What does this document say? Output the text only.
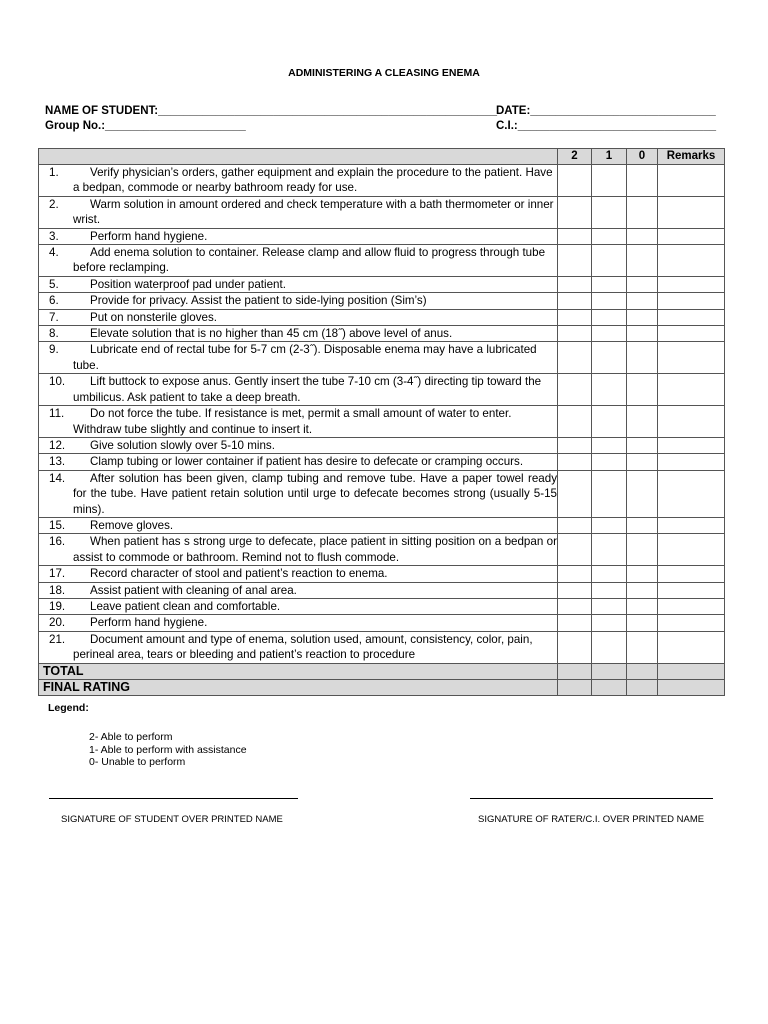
ADMINISTERING A CLEASING ENEMA
NAME OF STUDENT:_____________________________________________________
DATE:_____________________________
Group No.:______________________	C.I.:_______________________________
	2	1	0	Remarks

1. Verify physician’s orders, gather equipment and explain the procedure to the patient. Have a bedpan, commode or nearby bathroom ready for use.				

2. Warm solution in amount ordered and check temperature with a bath thermometer or inner wrist.				

3. Perform hand hygiene.				

4. Add enema solution to container. Release clamp and allow fluid to progress through tube before reclamping.				

5. Position waterproof pad under patient.				

6. Provide for privacy. Assist the patient to side-lying position (Sim’s)				

7. Put on nonsterile gloves.				

8. Elevate solution that is no higher than 45 cm (18˝) above level of anus.				

9. Lubricate end of rectal tube for 5-7 cm (2-3˝). Disposable enema may have a lubricated tube.				

10. Lift buttock to expose anus. Gently insert the tube 7-10 cm (3-4˝) directing tip toward the umbilicus. Ask patient to take a deep breath.				

11. Do not force the tube. If resistance is met, permit a small amount of water to enter. Withdraw tube slightly and continue to insert it.				

12. Give solution slowly over 5-10 mins.				

13. Clamp tubing or lower container if patient has desire to defecate or cramping occurs.				

14. After solution has been given, clamp tubing and remove tube. Have a paper towel ready for the tube. Have patient retain solution until urge to defecate becomes strong (usually 5-15 mins).				

15. Remove gloves.				

16. When patient has s strong urge to defecate, place patient in sitting position on a bedpan or assist to commode or bathroom. Remind not to flush commode.				

17. Record character of stool and patient’s reaction to enema.				

18. Assist patient with cleaning of anal area.				

19. Leave patient clean and comfortable.				

20. Perform hand hygiene.				

21. Document amount and type of enema, solution used, amount, consistency, color, pain, perineal area, tears or bleeding and patient’s reaction to procedure				

TOTAL				
FINAL RATING				
Legend:
2- Able to perform
1- Able to perform with assistance
0- Unable to perform
SIGNATURE OF STUDENT OVER PRINTED NAME	SIGNATURE OF RATER/C.I. OVER PRINTED NAME
